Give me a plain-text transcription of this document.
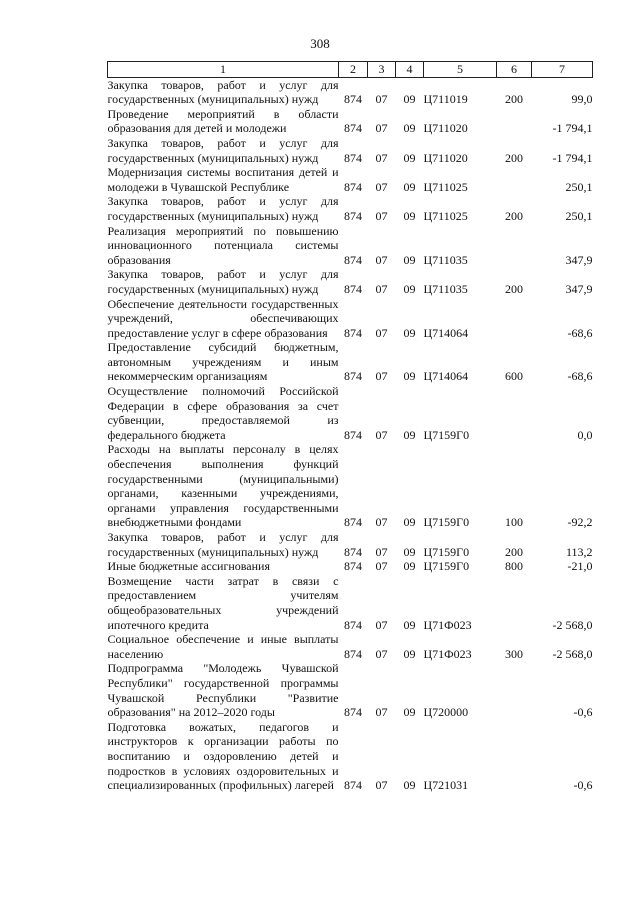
308
1	2	3	4	5	6	7
Закупка товаров, работ и услуг для государственных (муниципальных) нужд	874	07	09	Ц711019	200	99,0
Проведение мероприятий в области образования для детей и молодежи	874	07	09	Ц711020		-1 794,1
Закупка товаров, работ и услуг для государственных (муниципальных) нужд	874	07	09	Ц711020	200	-1 794,1
Модернизация системы воспитания детей и молодежи в Чувашской Республике	874	07	09	Ц711025		250,1
Закупка товаров, работ и услуг для государственных (муниципальных) нужд	874	07	09	Ц711025	200	250,1
Реализация мероприятий по повышению инновационного потенциала системы образования	874	07	09	Ц711035		347,9
Закупка товаров, работ и услуг для государственных (муниципальных) нужд	874	07	09	Ц711035	200	347,9
Обеспечение деятельности государственных учреждений, обеспечивающих предоставление услуг в сфере образования	874	07	09	Ц714064		-68,6
Предоставление субсидий бюджетным, автономным учреждениям и иным некоммерческим организациям	874	07	09	Ц714064	600	-68,6
Осуществление полномочий Российской Федерации в сфере образования за счет субвенции, предоставляемой из федерального бюджета	874	07	09	Ц7159Г0		0,0
Расходы на выплаты персоналу в целях обеспечения выполнения функций государственными (муниципальными) органами, казенными учреждениями, органами управления государственными внебюджетными фондами	874	07	09	Ц7159Г0	100	-92,2
Закупка товаров, работ и услуг для государственных (муниципальных) нужд	874	07	09	Ц7159Г0	200	113,2
Иные бюджетные ассигнования	874	07	09	Ц7159Г0	800	-21,0
Возмещение части затрат в связи с предоставлением учителям общеобразовательных учреждений ипотечного кредита	874	07	09	Ц71Ф023		-2 568,0
Социальное обеспечение и иные выплаты населению	874	07	09	Ц71Ф023	300	-2 568,0
Подпрограмма "Молодежь Чувашской Республики" государственной программы Чувашской Республики "Развитие образования" на 2012–2020 годы	874	07	09	Ц720000		-0,6
Подготовка вожатых, педагогов и инструкторов к организации работы по воспитанию и оздоровлению детей и подростков в условиях оздоровительных и специализированных (профильных) лагерей	874	07	09	Ц721031		-0,6
